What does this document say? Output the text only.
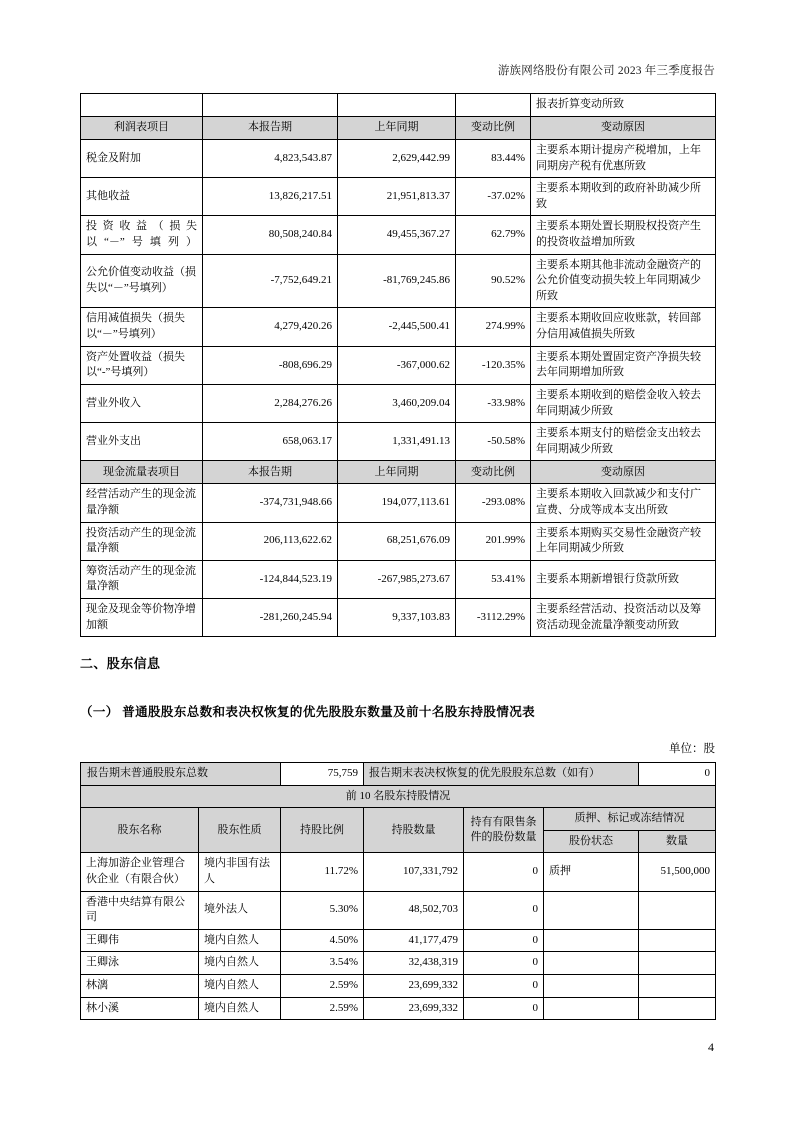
游族网络股份有限公司 2023 年三季度报告
				报表折算变动所致
利润表项目	本报告期	上年同期	变动比例	变动原因
税金及附加	4,823,543.87	2,629,442.99	83.44%	主要系本期计提房产税增加，上年同期房产税有优惠所致
其他收益	13,826,217.51	21,951,813.37	-37.02%	主要系本期收到的政府补助减少所致
投资收益（损失以“－”号填列）	80,508,240.84	49,455,367.27	62.79%	主要系本期处置长期股权投资产生的投资收益增加所致
公允价值变动收益（损失以“－”号填列）	-7,752,649.21	-81,769,245.86	90.52%	主要系本期其他非流动金融资产的公允价值变动损失较上年同期减少所致
信用减值损失（损失以“－”号填列）	4,279,420.26	-2,445,500.41	274.99%	主要系本期收回应收账款，转回部分信用减值损失所致
资产处置收益（损失以“-”号填列）	-808,696.29	-367,000.62	-120.35%	主要系本期处置固定资产净损失较去年同期增加所致
营业外收入	2,284,276.26	3,460,209.04	-33.98%	主要系本期收到的赔偿金收入较去年同期减少所致
营业外支出	658,063.17	1,331,491.13	-50.58%	主要系本期支付的赔偿金支出较去年同期减少所致
现金流量表项目	本报告期	上年同期	变动比例	变动原因
经营活动产生的现金流量净额	-374,731,948.66	194,077,113.61	-293.08%	主要系本期收入回款减少和支付广宣费、分成等成本支出所致
投资活动产生的现金流量净额	206,113,622.62	68,251,676.09	201.99%	主要系本期购买交易性金融资产较上年同期减少所致
筹资活动产生的现金流量净额	-124,844,523.19	-267,985,273.67	53.41%	主要系本期新增银行贷款所致
现金及现金等价物净增加额	-281,260,245.94	9,337,103.83	-3112.29%	主要系经营活动、投资活动以及筹资活动现金流量净额变动所致
二、股东信息
（一） 普通股股东总数和表决权恢复的优先股股东数量及前十名股东持股情况表
单位：股
报告期末普通股股东总数		75,759	报告期末表决权恢复的优先股股东总数（如有）			0
前 10 名股东持股情况						
股东名称	股东性质	持股比例	持股数量	持有有限售条件的股份数量	质押、标记或冻结情况	
					股份状态	数量
上海加游企业管理合伙企业（有限合伙）	境内非国有法人	11.72%	107,331,792	0	质押	51,500,000
香港中央结算有限公司	境外法人	5.30%	48,502,703	0		
王卿伟	境内自然人	4.50%	41,177,479	0		
王卿泳	境内自然人	3.54%	32,438,319	0		
林漓	境内自然人	2.59%	23,699,332	0		
林小溪	境内自然人	2.59%	23,699,332	0		
4
